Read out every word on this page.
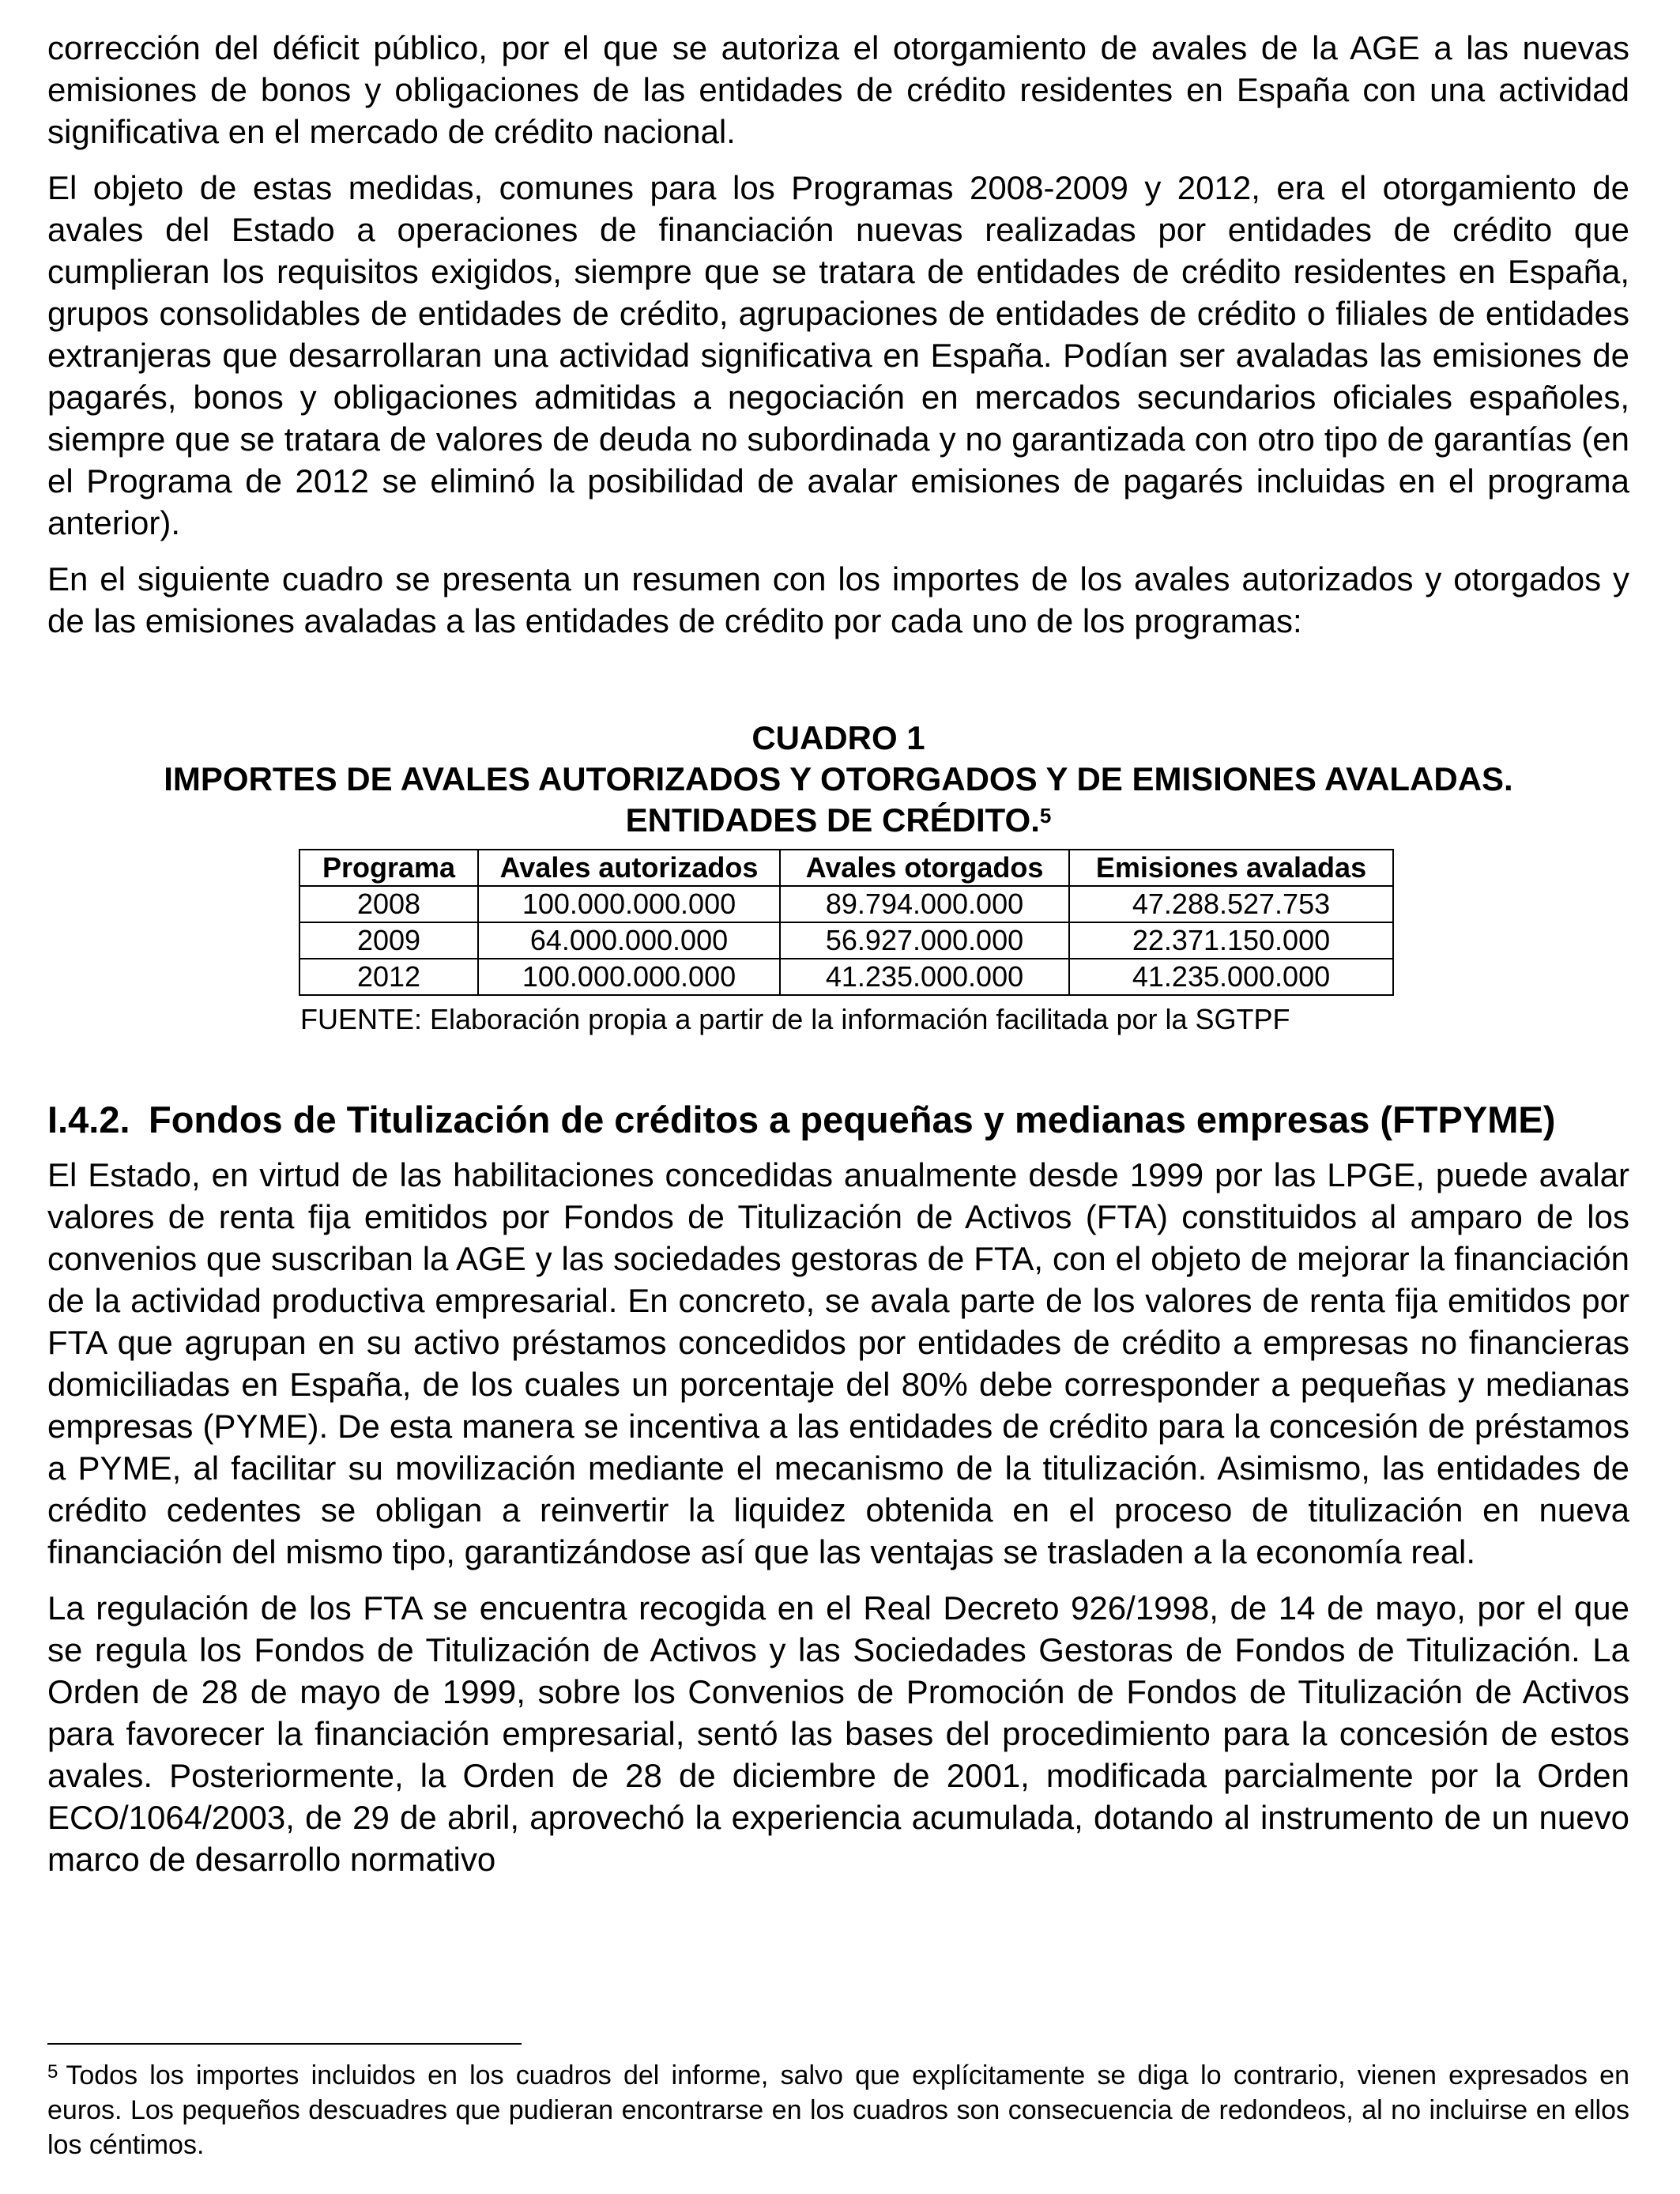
corrección del déficit público, por el que se autoriza el otorgamiento de avales de la AGE a las nuevas emisiones de bonos y obligaciones de las entidades de crédito residentes en España con una actividad significativa en el mercado de crédito nacional.

El objeto de estas medidas, comunes para los Programas 2008-2009 y 2012, era el otorgamiento de avales del Estado a operaciones de financiación nuevas realizadas por entidades de crédito que cumplieran los requisitos exigidos, siempre que se tratara de entidades de crédito residentes en España, grupos consolidables de entidades de crédito, agrupaciones de entidades de crédito o filiales de entidades extranjeras que desarrollaran una actividad significativa en España. Podían ser avaladas las emisiones de pagarés, bonos y obligaciones admitidas a negociación en mercados secundarios oficiales españoles, siempre que se tratara de valores de deuda no subordinada y no garantizada con otro tipo de garantías (en el Programa de 2012 se eliminó la posibilidad de avalar emisiones de pagarés incluidas en el programa anterior).

En el siguiente cuadro se presenta un resumen con los importes de los avales autorizados y otorgados y de las emisiones avaladas a las entidades de crédito por cada uno de los programas:

CUADRO 1

IMPORTES DE AVALES AUTORIZADOS Y OTORGADOS Y DE EMISIONES AVALADAS.

ENTIDADES DE CRÉDITO.$^5$

Programa	Avales autorizados	Avales otorgados	Emisiones avaladas
2008	100.000.000.000	89.794.000.000	47.288.527.753
2009	64.000.000.000	56.927.000.000	22.371.150.000
2012	100.000.000.000	41.235.000.000	41.235.000.000
FUENTE: Elaboración propia a partir de la información facilitada por la SGTPF
I.4.2. Fondos de Titulización de créditos a pequeñas y medianas empresas (FTPYME)

El Estado, en virtud de las habilitaciones concedidas anualmente desde 1999 por las LPGE, puede avalar valores de renta fija emitidos por Fondos de Titulización de Activos (FTA) constituidos al amparo de los convenios que suscriban la AGE y las sociedades gestoras de FTA, con el objeto de mejorar la financiación de la actividad productiva empresarial. En concreto, se avala parte de los valores de renta fija emitidos por FTA que agrupan en su activo préstamos concedidos por entidades de crédito a empresas no financieras domiciliadas en España, de los cuales un porcentaje del 80% debe corresponder a pequeñas y medianas empresas (PYME). De esta manera se incentiva a las entidades de crédito para la concesión de préstamos a PYME, al facilitar su movilización mediante el mecanismo de la titulización. Asimismo, las entidades de crédito cedentes se obligan a reinvertir la liquidez obtenida en el proceso de titulización en nueva financiación del mismo tipo, garantizándose así que las ventajas se trasladen a la economía real.

La regulación de los FTA se encuentra recogida en el Real Decreto 926/1998, de 14 de mayo, por el que se regula los Fondos de Titulización de Activos y las Sociedades Gestoras de Fondos de Titulización. La Orden de 28 de mayo de 1999, sobre los Convenios de Promoción de Fondos de Titulización de Activos para favorecer la financiación empresarial, sentó las bases del procedimiento para la concesión de estos avales. Posteriormente, la Orden de 28 de diciembre de 2001, modificada parcialmente por la Orden ECO/1064/2003, de 29 de abril, aprovechó la experiencia acumulada, dotando al instrumento de un nuevo marco de desarrollo normativo

$^5$ Todos los importes incluidos en los cuadros del informe, salvo que explícitamente se diga lo contrario, vienen expresados en euros. Los pequeños descuadres que pudieran encontrarse en los cuadros son consecuencia de redondeos, al no incluirse en ellos los céntimos.
